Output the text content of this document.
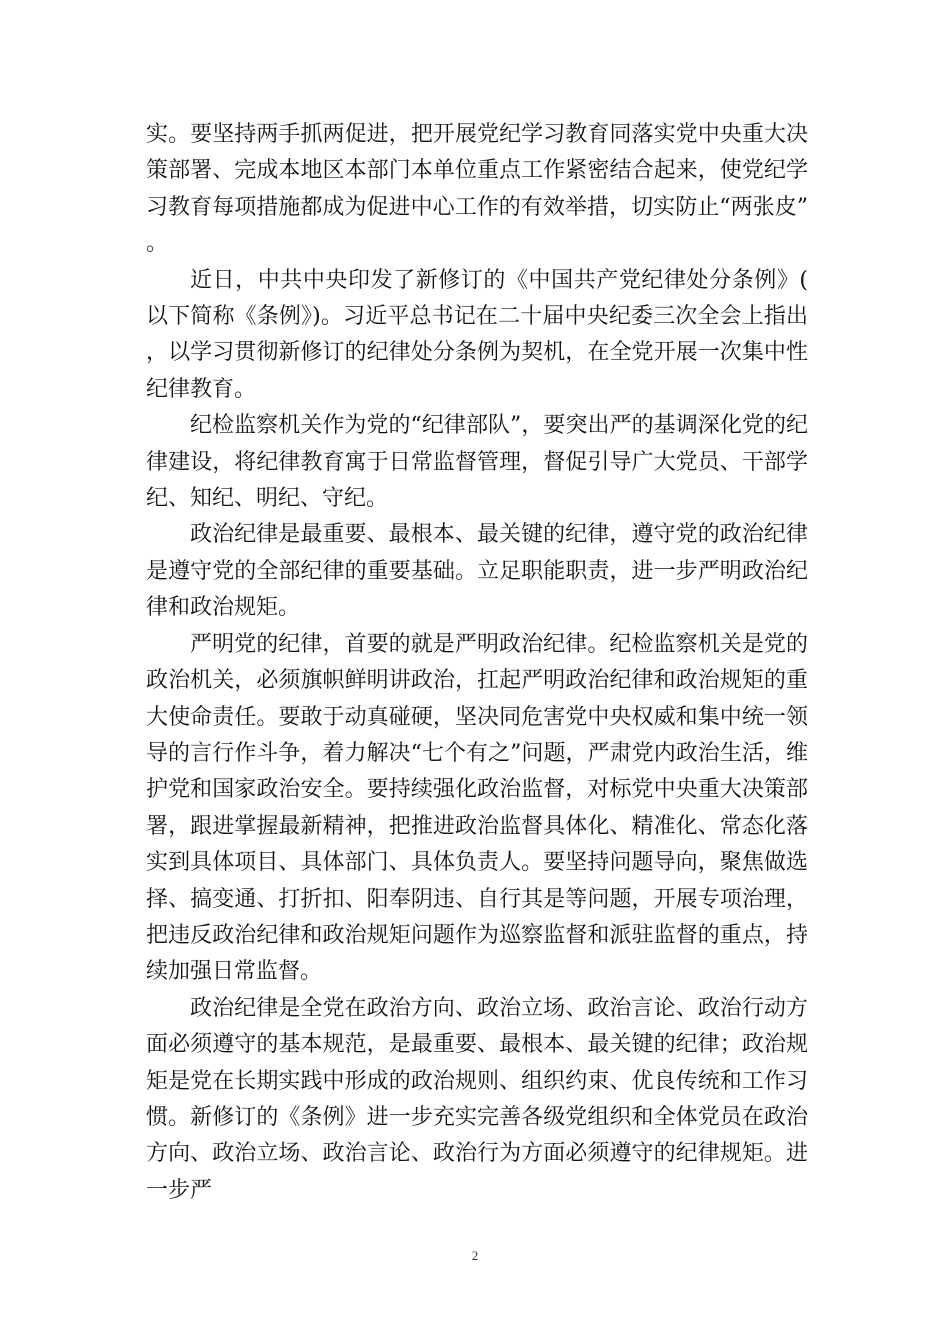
实。要坚持两手抓两促进，把开展党纪学习教育同落实党中央重大决策部署、完成本地区本部门本单位重点工作紧密结合起来，使党纪学习教育每项措施都成为促进中心工作的有效举措，切实防止“两张皮”。

近日，中共中央印发了新修订的《中国共产党纪律处分条例》(以下简称《条例》)。习近平总书记在二十届中央纪委三次全会上指出，以学习贯彻新修订的纪律处分条例为契机，在全党开展一次集中性纪律教育。

纪检监察机关作为党的“纪律部队”，要突出严的基调深化党的纪律建设，将纪律教育寓于日常监督管理，督促引导广大党员、干部学纪、知纪、明纪、守纪。

政治纪律是最重要、最根本、最关键的纪律，遵守党的政治纪律是遵守党的全部纪律的重要基础。立足职能职责，进一步严明政治纪律和政治规矩。

严明党的纪律，首要的就是严明政治纪律。纪检监察机关是党的政治机关，必须旗帜鲜明讲政治，扛起严明政治纪律和政治规矩的重大使命责任。要敢于动真碰硬，坚决同危害党中央权威和集中统一领导的言行作斗争，着力解决“七个有之”问题，严肃党内政治生活，维护党和国家政治安全。要持续强化政治监督，对标党中央重大决策部署，跟进掌握最新精神，把推进政治监督具体化、精准化、常态化落实到具体项目、具体部门、具体负责人。要坚持问题导向，聚焦做选择、搞变通、打折扣、阳奉阴违、自行其是等问题，开展专项治理，把违反政治纪律和政治规矩问题作为巡察监督和派驻监督的重点，持续加强日常监督。

政治纪律是全党在政治方向、政治立场、政治言论、政治行动方面必须遵守的基本规范，是最重要、最根本、最关键的纪律；政治规矩是党在长期实践中形成的政治规则、组织约束、优良传统和工作习惯。新修订的《条例》进一步充实完善各级党组织和全体党员在政治方向、政治立场、政治言论、政治行为方面必须遵守的纪律规矩。进一步严

2
